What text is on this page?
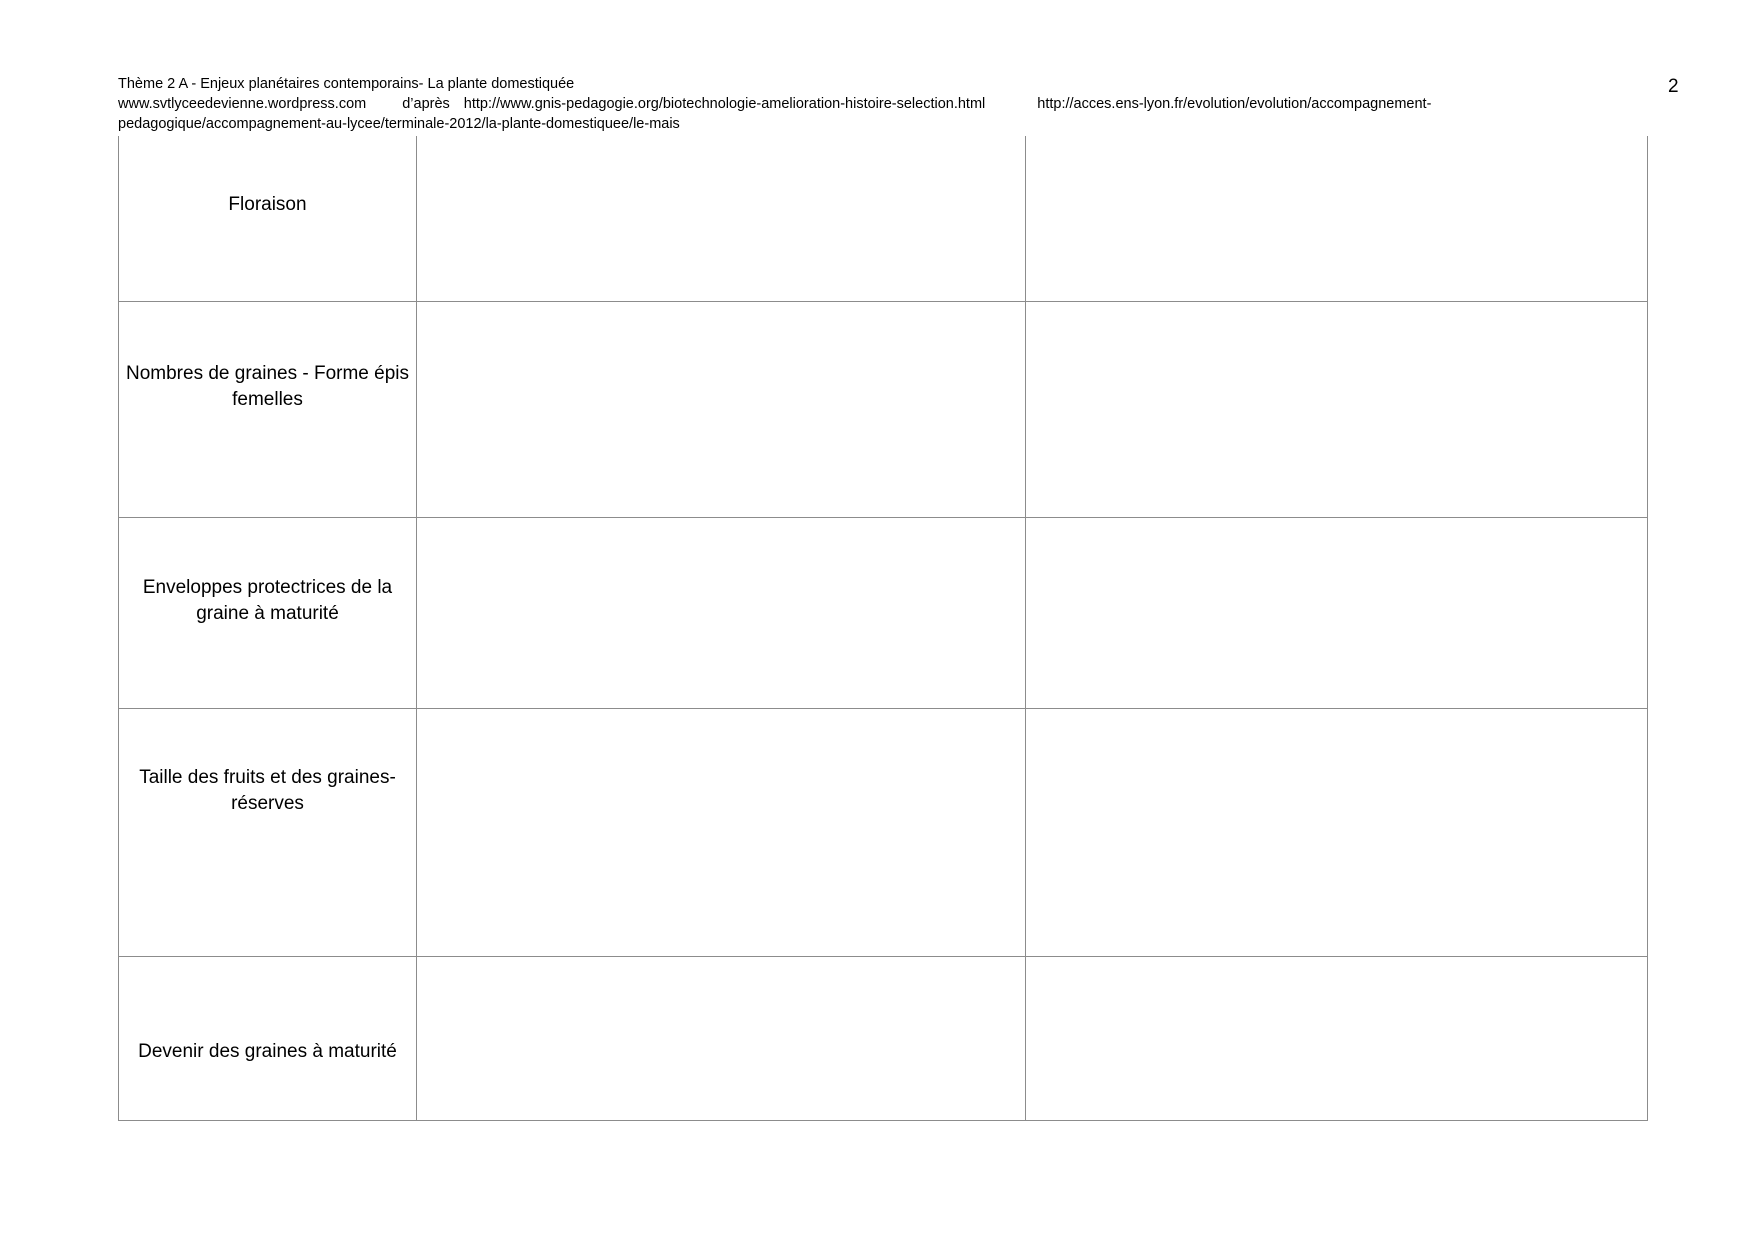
Thème 2 A - Enjeux planétaires contemporains- La plante domestiquée
www.svtlyceedevienne.wordpress.com d’après http://www.gnis-pedagogie.org/biotechnologie-amelioration-histoire-selection.html	http://acces.ens-lyon.fr/evolution/evolution/accompagnement-
pedagogique/accompagnement-au-lycee/terminale-2012/la-plante-domestiquee/le-mais
2
Floraison
Nombres de graines - Forme épis femelles
Enveloppes protectrices de la graine à maturité
Taille des fruits et des graines-réserves
Devenir des graines à maturité
